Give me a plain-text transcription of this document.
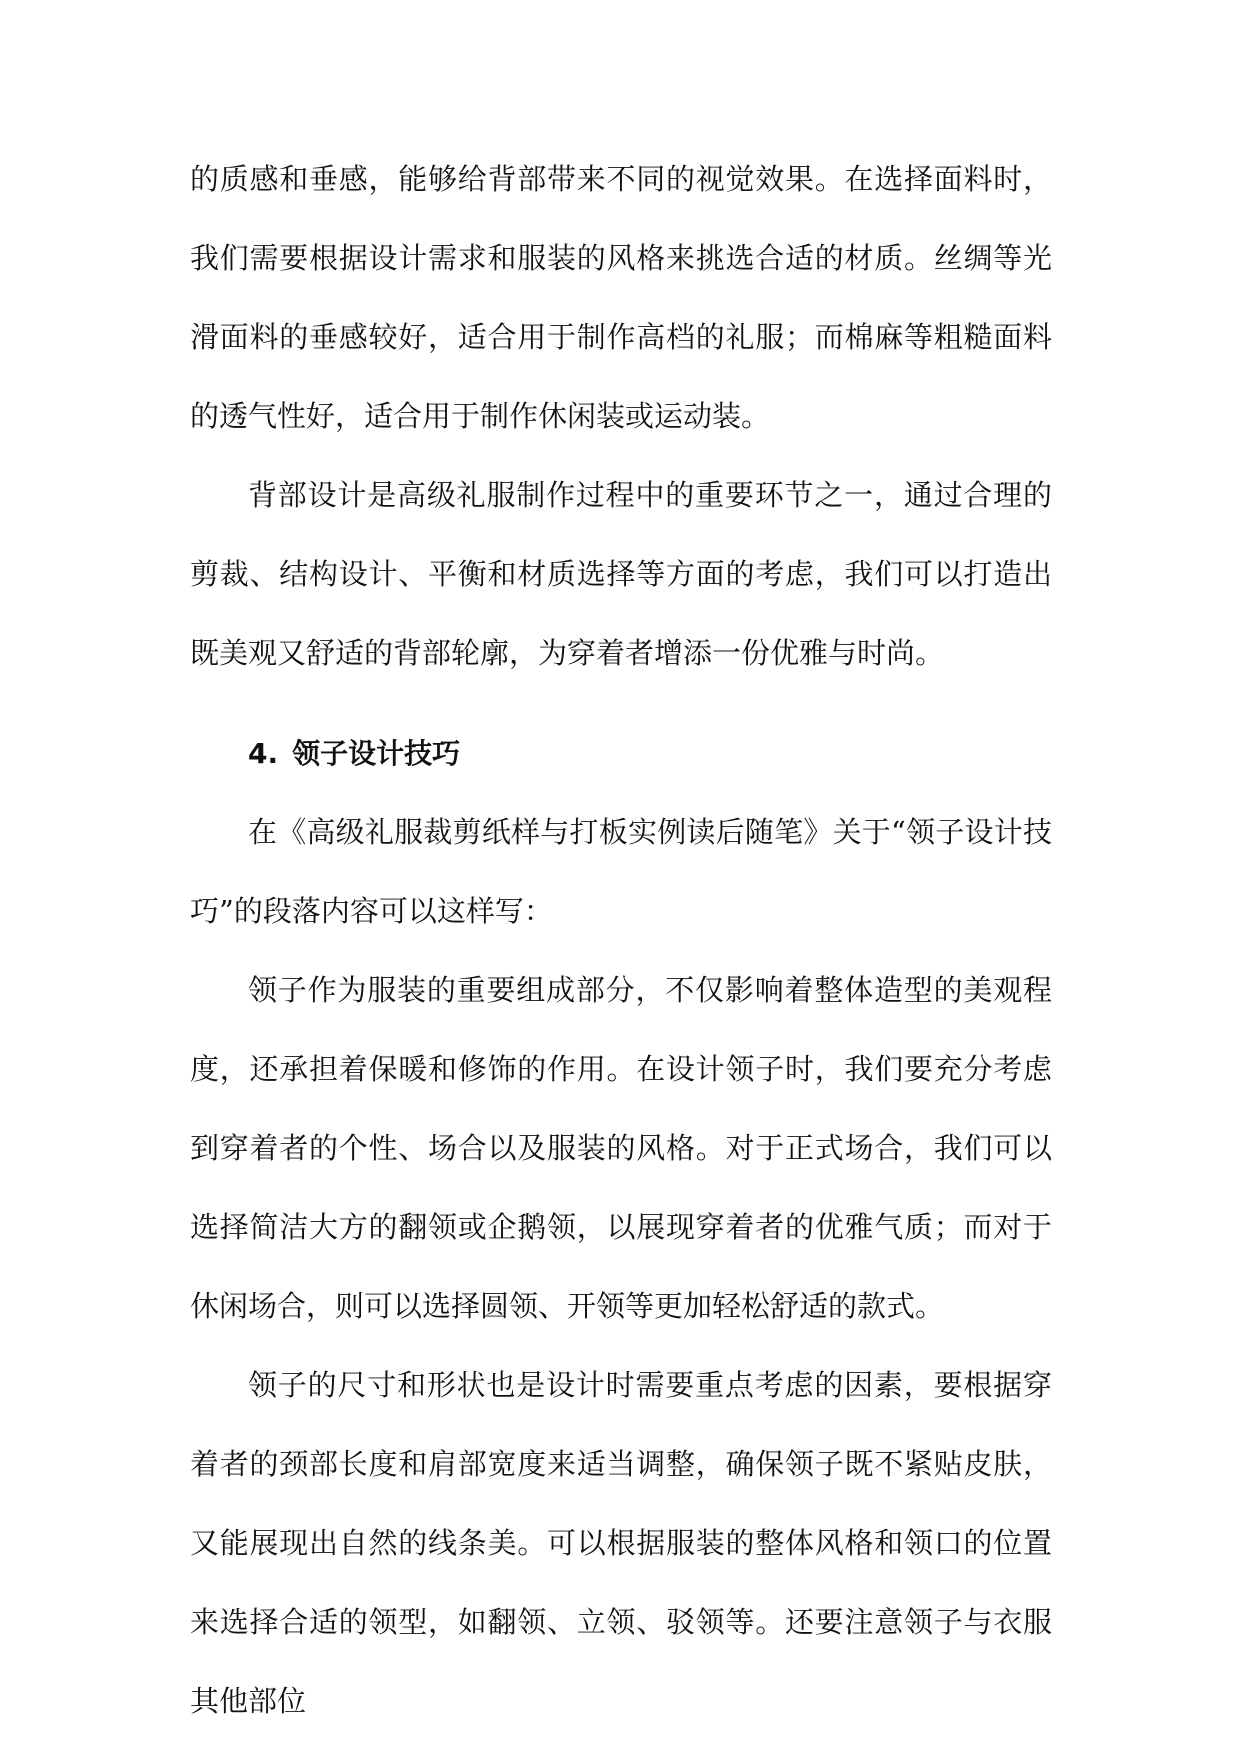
的质感和垂感，能够给背部带来不同的视觉效果。在选择面料时，我们需要根据设计需求和服装的风格来挑选合适的材质。丝绸等光滑面料的垂感较好，适合用于制作高档的礼服；而棉麻等粗糙面料的透气性好，适合用于制作休闲装或运动装。

背部设计是高级礼服制作过程中的重要环节之一，通过合理的剪裁、结构设计、平衡和材质选择等方面的考虑，我们可以打造出既美观又舒适的背部轮廓，为穿着者增添一份优雅与时尚。

4. 领子设计技巧

在《高级礼服裁剪纸样与打板实例读后随笔》关于“领子设计技巧”的段落内容可以这样写：

领子作为服装的重要组成部分，不仅影响着整体造型的美观程度，还承担着保暖和修饰的作用。在设计领子时，我们要充分考虑到穿着者的个性、场合以及服装的风格。对于正式场合，我们可以选择简洁大方的翻领或企鹅领，以展现穿着者的优雅气质；而对于休闲场合，则可以选择圆领、开领等更加轻松舒适的款式。

领子的尺寸和形状也是设计时需要重点考虑的因素，要根据穿着者的颈部长度和肩部宽度来适当调整，确保领子既不紧贴皮肤，又能展现出自然的线条美。可以根据服装的整体风格和领口的位置来选择合适的领型，如翻领、立领、驳领等。还要注意领子与衣服其他部位
